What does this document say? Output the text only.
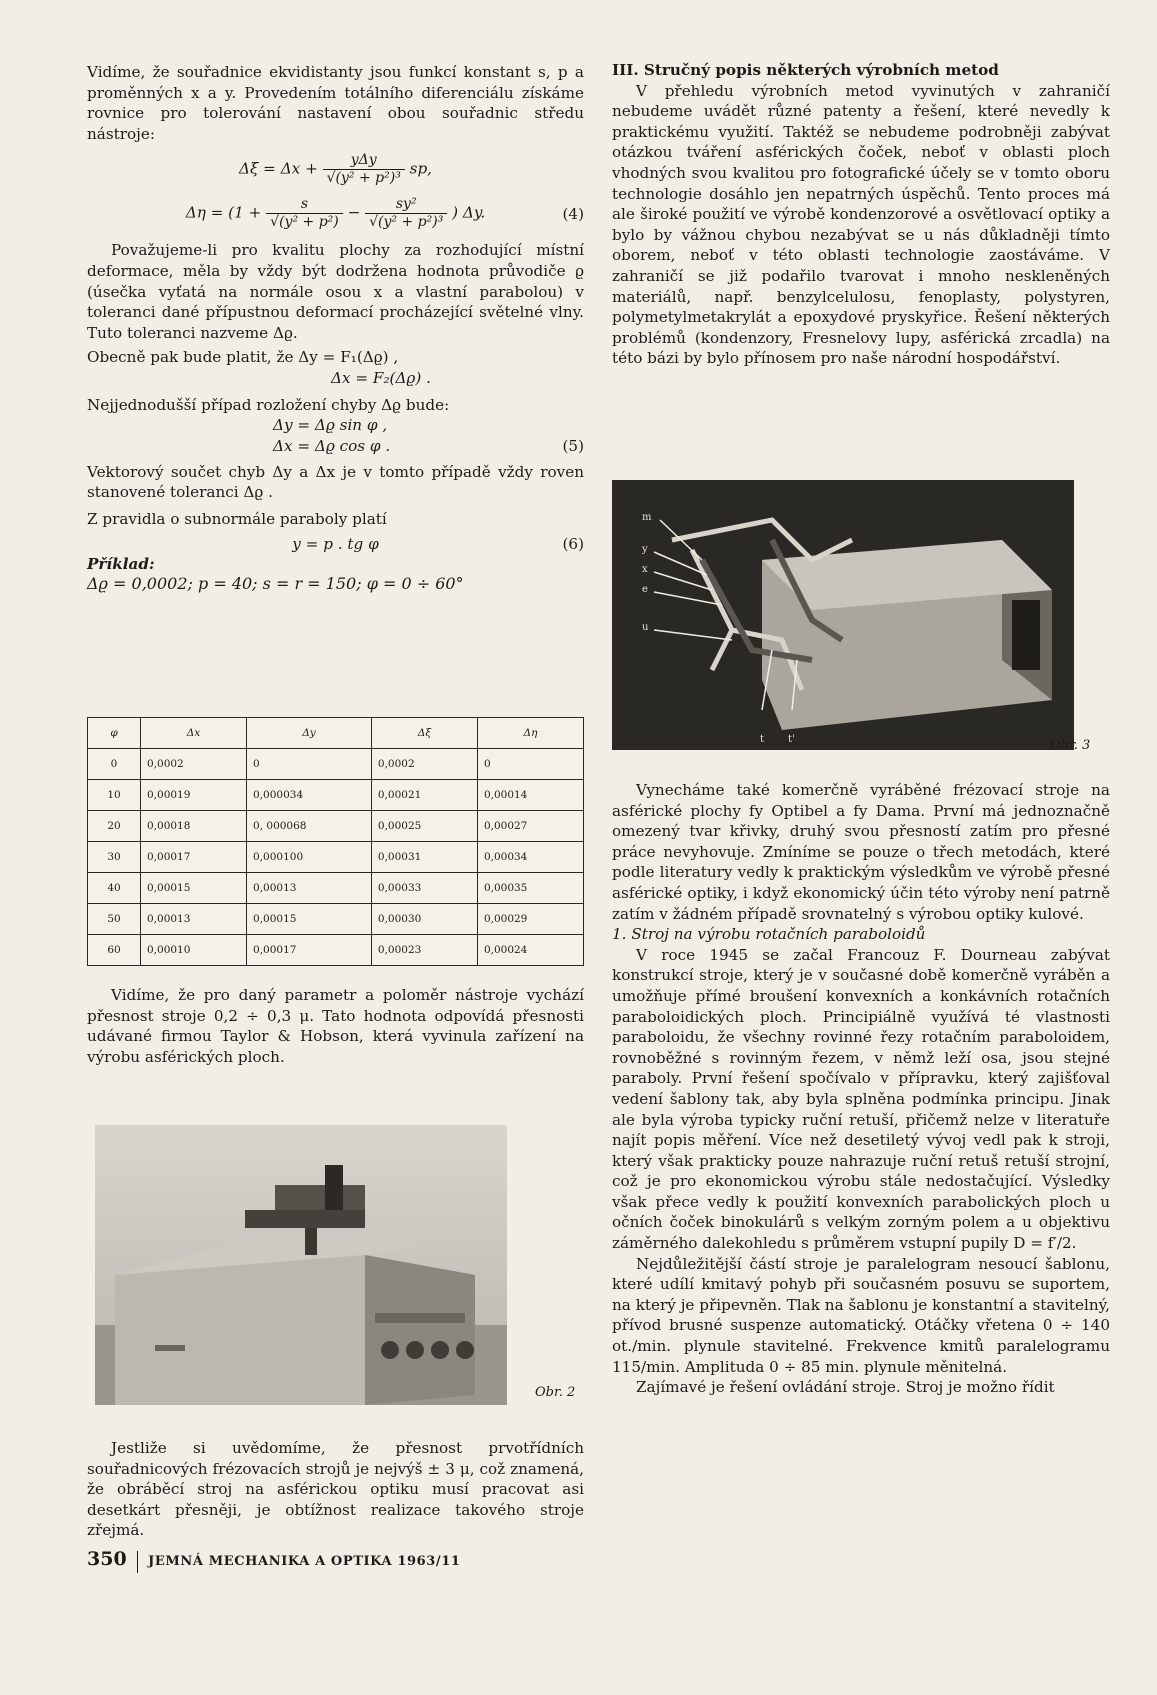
Vidíme, že souřadnice ekvidistanty jsou funkcí konstant s, p a proměnných x a y. Provedením totálního diferenciálu získáme rovnice pro tolerování nastavení obou souřadnic středu nástroje:

$\Delta\xi = \Delta x + \frac{\text{yΔy}}{\text{√(y² + p²)³}}$ sp,
$\Delta\eta = (1 + \frac{s}{\text{√(y² + p²)}} - \frac{\text{sy²}}{\text{√(y² + p²)³}}$ ) Δy.	(4)

Považujeme-li pro kvalitu plochy za rozhodující místní deformace, měla by vždy být dodržena hodnota průvodiče ϱ (úsečka vyťatá na normále osou x a vlastní parabolou) v toleranci dané přípustnou deformací procházející světelné vlny. Tuto toleranci nazveme Δϱ.

Obecně pak bude platit, že Δy = F₁(Δϱ) ,

Δx = F₂(Δϱ) .

Nejjednodušší případ rozložení chyby Δϱ bude:

Δy = Δϱ sin φ ,

Δx = Δϱ cos φ .	(5)

Vektorový součet chyb Δy a Δx je v tomto případě vždy roven stanovené toleranci Δϱ .

Z pravidla o subnormále paraboly platí

y = p . tg φ	(6)

Příklad:

Δϱ = 0,0002; p = 40; s = r = 150; φ = 0 ÷ 60°

φ	Δx	Δy	Δξ	Δη
0	0,0002	0	0,0002	0
10	0,00019	0,000034	0,00021	0,00014
20	0,00018	0, 000068	0,00025	0,00027
30	0,00017	0,000100	0,00031	0,00034
40	0,00015	0,00013	0,00033	0,00035
50	0,00013	0,00015	0,00030	0,00029
60	0,00010	0,00017	0,00023	0,00024

Vidíme, že pro daný parametr a poloměr nástroje vychází přesnost stroje 0,2 ÷ 0,3 μ. Tato hodnota odpovídá přesnosti udávané firmou Taylor & Hobson, která vyvinula zařízení na výrobu asférických ploch.

Obr. 2

Jestliže si uvědomíme, že přesnost prvotřídních souřadnicových frézovacích strojů je nejvýš ± 3 μ, což znamená, že obráběcí stroj na asférickou optiku musí pracovat asi desetkárt přesněji, je obtížnost realizace takového stroje zřejmá.

III. Stručný popis některých výrobních metod

V přehledu výrobních metod vyvinutých v zahraničí nebudeme uvádět různé patenty a řešení, které nevedly k praktickému využití. Taktéž se nebudeme podrobněji zabývat otázkou tváření asférických čoček, neboť v oblasti ploch vhodných svou kvalitou pro fotografické účely se v tomto oboru technologie dosáhlo jen nepatrných úspěchů. Tento proces má ale široké použití ve výrobě kondenzorové a osvětlovací optiky a bylo by vážnou chybou nezabývat se u nás důkladněji tímto oborem, neboť v této oblasti technologie zaostáváme. V zahraničí se již podařilo tvarovat i mnoho neskleněných materiálů, např. benzylcelulosu, fenoplasty, polystyren, polymetylmetakrylát a epoxydové pryskyřice. Řešení některých problémů (kondenzory, Fresnelovy lupy, asférická zrcadla) na této bázi by bylo přínosem pro naše národní hospodářství.

m
y
x
e
u
t t'	Obr. 3

Vynecháme také komerčně vyráběné frézovací stroje na asférické plochy fy Optibel a fy Dama. První má jednoznačně omezený tvar křivky, druhý svou přesností zatím pro přesné práce nevyhovuje. Zmíníme se pouze o třech metodách, které podle literatury vedly k praktickým výsledkům ve výrobě přesné asférické optiky, i když ekonomický účin této výroby není patrně zatím v žádném případě srovnatelný s výrobou optiky kulové.

1. Stroj na výrobu rotačních paraboloidů

V roce 1945 se začal Francouz F. Dourneau zabývat konstrukcí stroje, který je v současné době komerčně vyráběn a umožňuje přímé broušení konvexních a konkávních rotačních paraboloidických ploch. Principiálně využívá té vlastnosti paraboloidu, že všechny rovinné řezy rotačním paraboloidem, rovnoběžné s rovinným řezem, v němž leží osa, jsou stejné paraboly. První řešení spočívalo v přípravku, který zajišťoval vedení šablony tak, aby byla splněna podmínka principu. Jinak ale byla výroba typicky ruční retuší, přičemž nelze v literatuře najít popis měření. Více než desetiletý vývoj vedl pak k stroji, který však prakticky pouze nahrazuje ruční retuš retuší strojní, což je pro ekonomickou výrobu stále nedostačující. Výsledky však přece vedly k použití konvexních parabolických ploch u očních čoček binokulárů s velkým zorným polem a u objektivu záměrného dalekohledu s průměrem vstupní pupily D = f′/2.

Nejdůležitější částí stroje je paralelogram nesoucí šablonu, které udílí kmitavý pohyb při současném posuvu se suportem, na který je připevněn. Tlak na šablonu je konstantní a stavitelný, přívod brusné suspenze automatický. Otáčky vřetena 0 ÷ 140 ot./min. plynule stavitelné. Frekvence kmitů paralelogramu 115/min. Amplituda 0 ÷ 85 min. plynule měnitelná.

Zajímavé je řešení ovládání stroje. Stroj je možno řídit

350 JEMNÁ MECHANIKA A OPTIKA 1963/11
